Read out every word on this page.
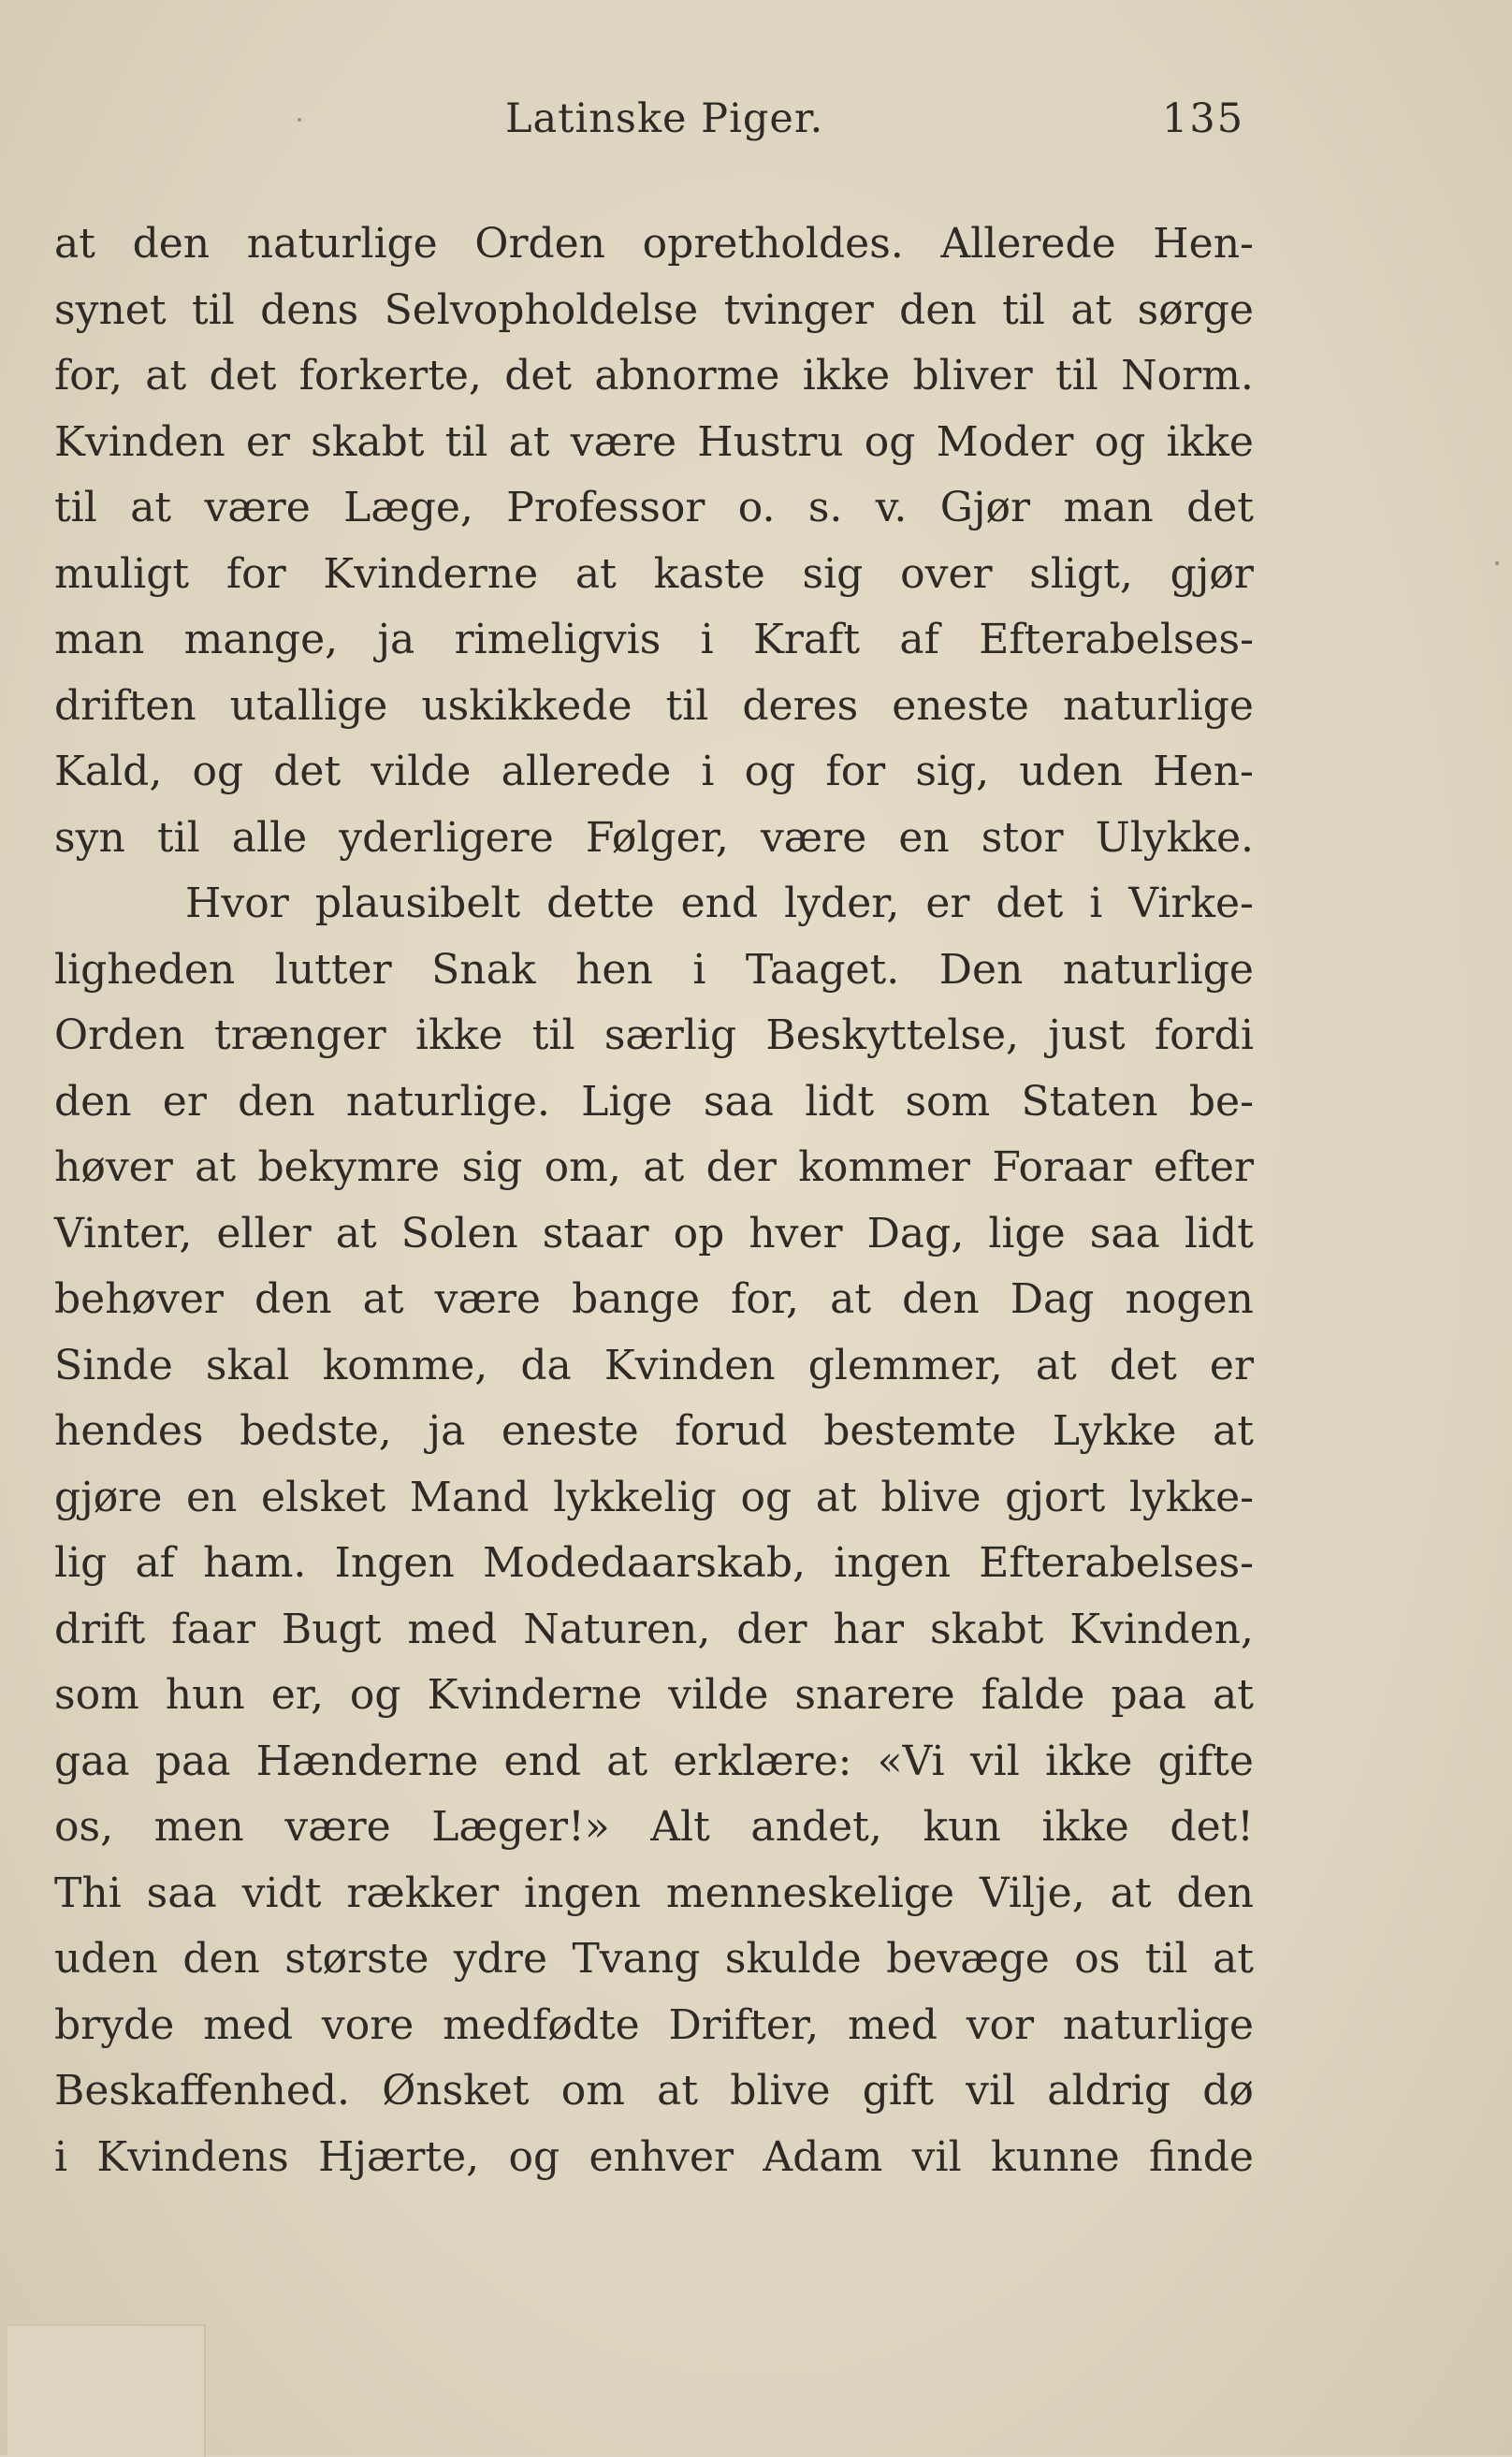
Latinske Piger.	135
at den naturlige Orden opretholdes. Allerede Hen-
synet til dens Selvopholdelse tvinger den til at sørge
for, at det forkerte, det abnorme ikke bliver til Norm.
Kvinden er skabt til at være Hustru og Moder og ikke
til at være Læge, Professor o. s. v. Gjør man det
muligt for Kvinderne at kaste sig over sligt, gjør
man mange, ja rimeligvis i Kraft af Efterabelses-
driften utallige uskikkede til deres eneste naturlige
Kald, og det vilde allerede i og for sig, uden Hen-
syn til alle yderligere Følger, være en stor Ulykke.
Hvor plausibelt dette end lyder, er det i Virke-
ligheden lutter Snak hen i Taaget. Den naturlige
Orden trænger ikke til særlig Beskyttelse, just fordi
den er den naturlige. Lige saa lidt som Staten be-
høver at bekymre sig om, at der kommer Foraar efter
Vinter, eller at Solen staar op hver Dag, lige saa lidt
behøver den at være bange for, at den Dag nogen
Sinde skal komme, da Kvinden glemmer, at det er
hendes bedste, ja eneste forud bestemte Lykke at
gjøre en elsket Mand lykkelig og at blive gjort lykke-
lig af ham. Ingen Modedaarskab, ingen Efterabelses-
drift faar Bugt med Naturen, der har skabt Kvinden,
som hun er, og Kvinderne vilde snarere falde paa at
gaa paa Hænderne end at erklære: «Vi vil ikke gifte
os, men være Læger!» Alt andet, kun ikke det!
Thi saa vidt rækker ingen menneskelige Vilje, at den
uden den største ydre Tvang skulde bevæge os til at
bryde med vore medfødte Drifter, med vor naturlige
Beskaffenhed. Ønsket om at blive gift vil aldrig dø
i Kvindens Hjærte, og enhver Adam vil kunne finde
